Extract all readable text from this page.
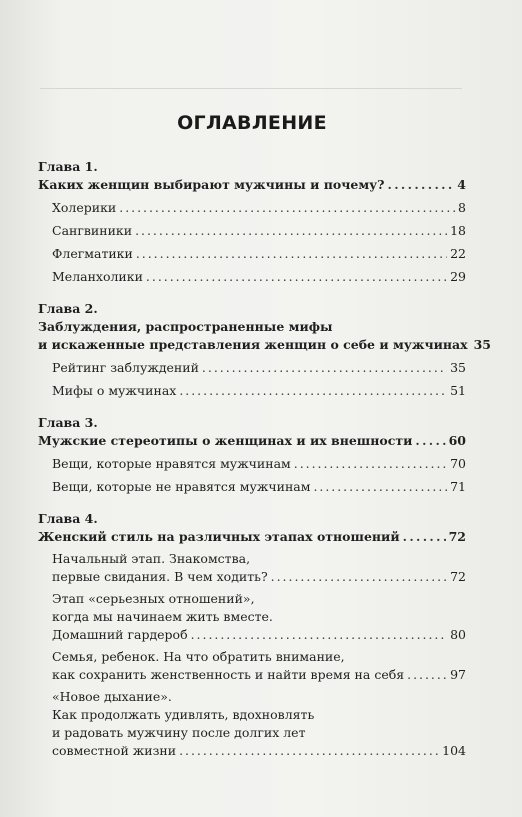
ОГЛАВЛЕНИЕ
Глава 1.
Каких женщин выбирают мужчины и почему? . . .	4
Холерики . . .	8
Сангвиники . . .	18
Флегматики . . .	22
Меланхолики . . .	29
Глава 2.
Заблуждения, распространенные мифы
и искаженные представления женщин о себе и мужчинах 35
Рейтинг заблуждений . . .	35
Мифы о мужчинах . . .	51
Глава 3.
Мужские стереотипы о женщинах и их внешности . . .	60
Вещи, которые нравятся мужчинам . . .	70
Вещи, которые не нравятся мужчинам . . .	71
Глава 4.
Женский стиль на различных этапах отношений . . .	72
Начальный этап. Знакомства,
первые свидания. В чем ходить? . . .	72
Этап «серьезных отношений»,
когда мы начинаем жить вместе.
Домашний гардероб . . .	80
Семья, ребенок. На что обратить внимание,
как сохранить женственность и найти время на себя . . .	97
«Новое дыхание».
Как продолжать удивлять, вдохновлять
и радовать мужчину после долгих лет
совместной жизни . . .	104
